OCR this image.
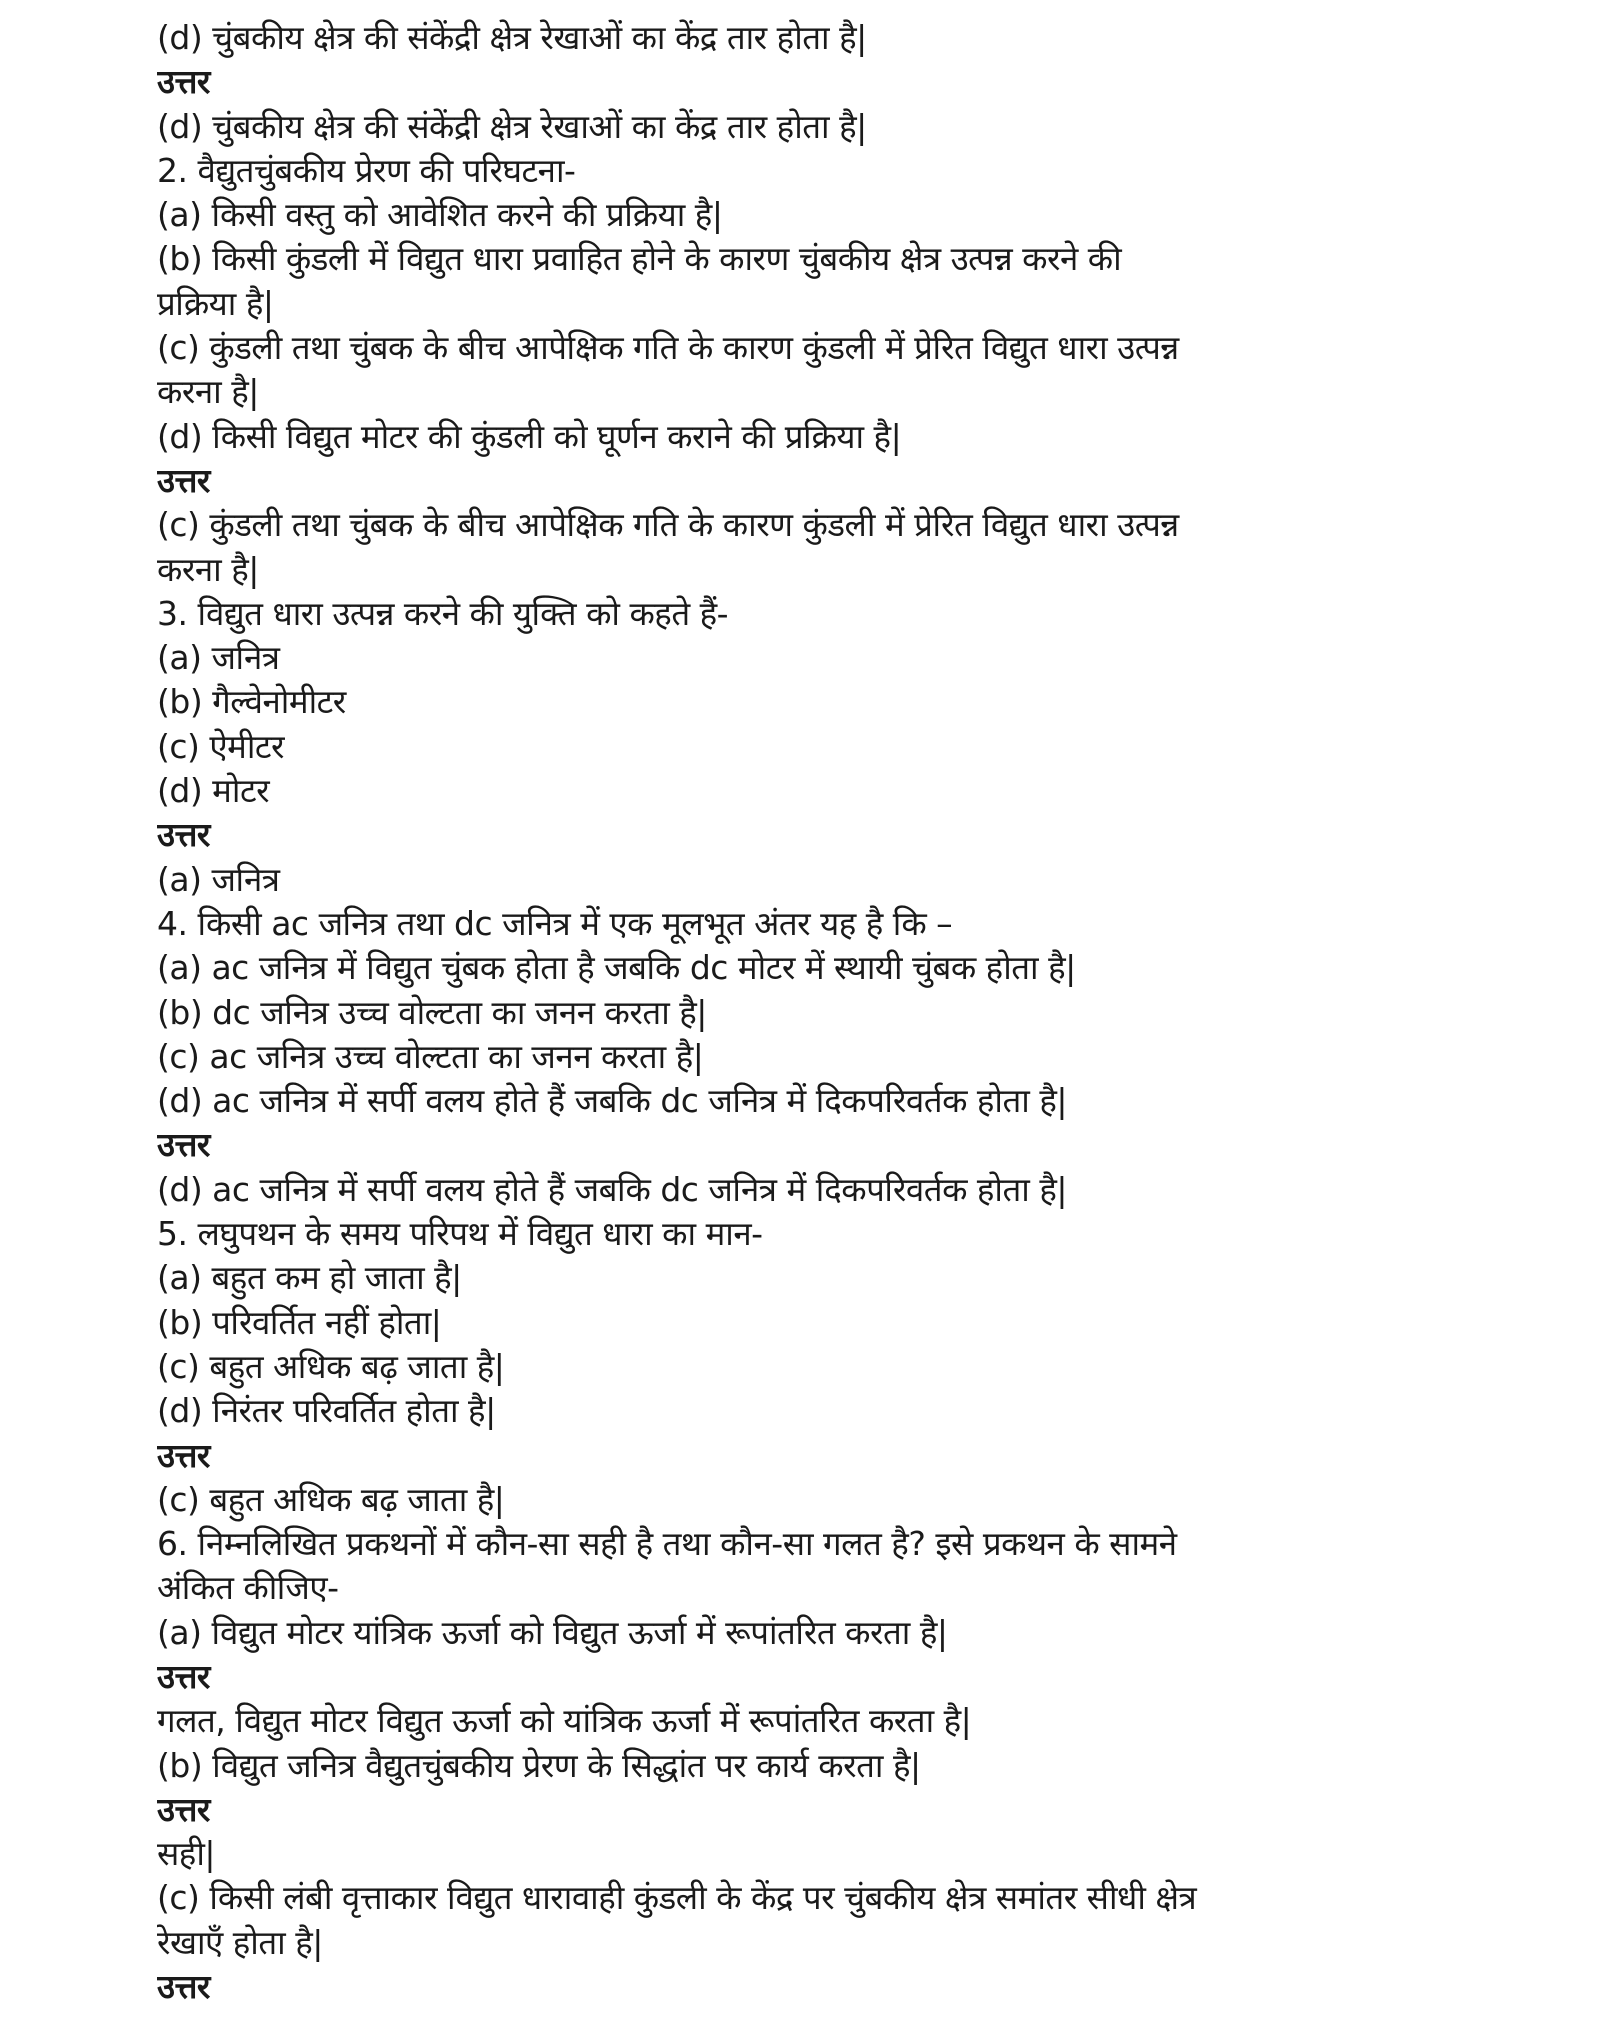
(d) चुंबकीय क्षेत्र की संकेंद्री क्षेत्र रेखाओं का केंद्र तार होता है|
उत्तर
(d) चुंबकीय क्षेत्र की संकेंद्री क्षेत्र रेखाओं का केंद्र तार होता है|
2. वैद्युतचुंबकीय प्रेरण की परिघटना-
(a) किसी वस्तु को आवेशित करने की प्रक्रिया है|
(b) किसी कुंडली में विद्युत धारा प्रवाहित होने के कारण चुंबकीय क्षेत्र उत्पन्न करने की
प्रक्रिया है|
(c) कुंडली तथा चुंबक के बीच आपेक्षिक गति के कारण कुंडली में प्रेरित विद्युत धारा उत्पन्न
करना है|
(d) किसी विद्युत मोटर की कुंडली को घूर्णन कराने की प्रक्रिया है|
उत्तर
(c) कुंडली तथा चुंबक के बीच आपेक्षिक गति के कारण कुंडली में प्रेरित विद्युत धारा उत्पन्न
करना है|
3. विद्युत धारा उत्पन्न करने की युक्ति को कहते हैं-
(a) जनित्र
(b) गैल्वेनोमीटर
(c) ऐमीटर
(d) मोटर
उत्तर
(a) जनित्र
4. किसी ac जनित्र तथा dc जनित्र में एक मूलभूत अंतर यह है कि –
(a) ac जनित्र में विद्युत चुंबक होता है जबकि dc मोटर में स्थायी चुंबक होता है|
(b) dc जनित्र उच्च वोल्टता का जनन करता है|
(c) ac जनित्र उच्च वोल्टता का जनन करता है|
(d) ac जनित्र में सर्पी वलय होते हैं जबकि dc जनित्र में दिकपरिवर्तक होता है|
उत्तर
(d) ac जनित्र में सर्पी वलय होते हैं जबकि dc जनित्र में दिकपरिवर्तक होता है|
5. लघुपथन के समय परिपथ में विद्युत धारा का मान-
(a) बहुत कम हो जाता है|
(b) परिवर्तित नहीं होता|
(c) बहुत अधिक बढ़ जाता है|
(d) निरंतर परिवर्तित होता है|
उत्तर
(c) बहुत अधिक बढ़ जाता है|
6. निम्नलिखित प्रकथनों में कौन-सा सही है तथा कौन-सा गलत है? इसे प्रकथन के सामने
अंकित कीजिए-
(a) विद्युत मोटर यांत्रिक ऊर्जा को विद्युत ऊर्जा में रूपांतरित करता है|
उत्तर
गलत, विद्युत मोटर विद्युत ऊर्जा को यांत्रिक ऊर्जा में रूपांतरित करता है|
(b) विद्युत जनित्र वैद्युतचुंबकीय प्रेरण के सिद्धांत पर कार्य करता है|
उत्तर
सही|
(c) किसी लंबी वृत्ताकार विद्युत धारावाही कुंडली के केंद्र पर चुंबकीय क्षेत्र समांतर सीधी क्षेत्र
रेखाएँ होता है|
उत्तर
